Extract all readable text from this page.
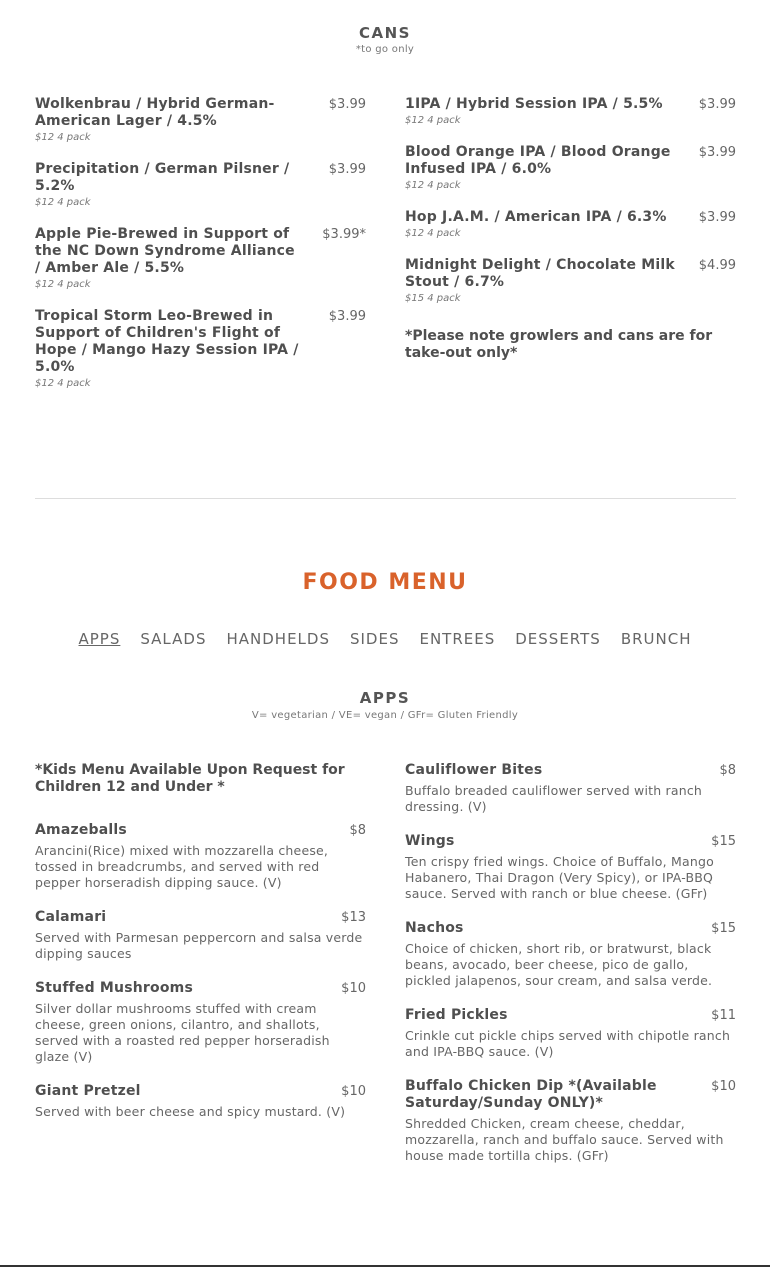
CANS
*to go only
Wolkenbrau / Hybrid German-American Lager / 4.5%
$3.99
$12 4 pack
Precipitation / German Pilsner / 5.2%
$3.99
$12 4 pack
Apple Pie-Brewed in Support of the NC Down Syndrome Alliance / Amber Ale / 5.5%
$3.99*
$12 4 pack
Tropical Storm Leo-Brewed in Support of Children's Flight of Hope / Mango Hazy Session IPA / 5.0%
$3.99
$12 4 pack
1IPA / Hybrid Session IPA / 5.5%	$3.99
$12 4 pack
Blood Orange IPA / Blood Orange Infused IPA / 6.0%
$3.99
$12 4 pack
Hop J.A.M. / American IPA / 6.3%	$3.99
$12 4 pack
Midnight Delight / Chocolate Milk Stout / 6.7%
$4.99
$15 4 pack
*Please note growlers and cans are for take-out only*
FOOD MENU
APPS SALADS HANDHELDS SIDES ENTREES DESSERTS BRUNCH
APPS
V= vegetarian / VE= vegan / GFr= Gluten Friendly
*Kids Menu Available Upon Request for Children 12 and Under *
Amazeballs	$8
Arancini(Rice) mixed with mozzarella cheese, tossed in breadcrumbs, and served with red pepper horseradish dipping sauce. (V)
Calamari	$13
Served with Parmesan peppercorn and salsa verde dipping sauces
Stuffed Mushrooms	$10
Silver dollar mushrooms stuffed with cream cheese, green onions, cilantro, and shallots, served with a roasted red pepper horseradish glaze (V)
Giant Pretzel	$10
Served with beer cheese and spicy mustard. (V)
Cauliflower Bites	$8
Buffalo breaded cauliflower served with ranch dressing. (V)
Wings	$15
Ten crispy fried wings. Choice of Buffalo, Mango Habanero, Thai Dragon (Very Spicy), or IPA-BBQ sauce. Served with ranch or blue cheese. (GFr)
Nachos	$15
Choice of chicken, short rib, or bratwurst, black beans, avocado, beer cheese, pico de gallo, pickled jalapenos, sour cream, and salsa verde.
Fried Pickles	$11
Crinkle cut pickle chips served with chipotle ranch and IPA-BBQ sauce. (V)
Buffalo Chicken Dip *(Available Saturday/Sunday ONLY)*
$10
Shredded Chicken, cream cheese, cheddar, mozzarella, ranch and buffalo sauce. Served with house made tortilla chips. (GFr)
